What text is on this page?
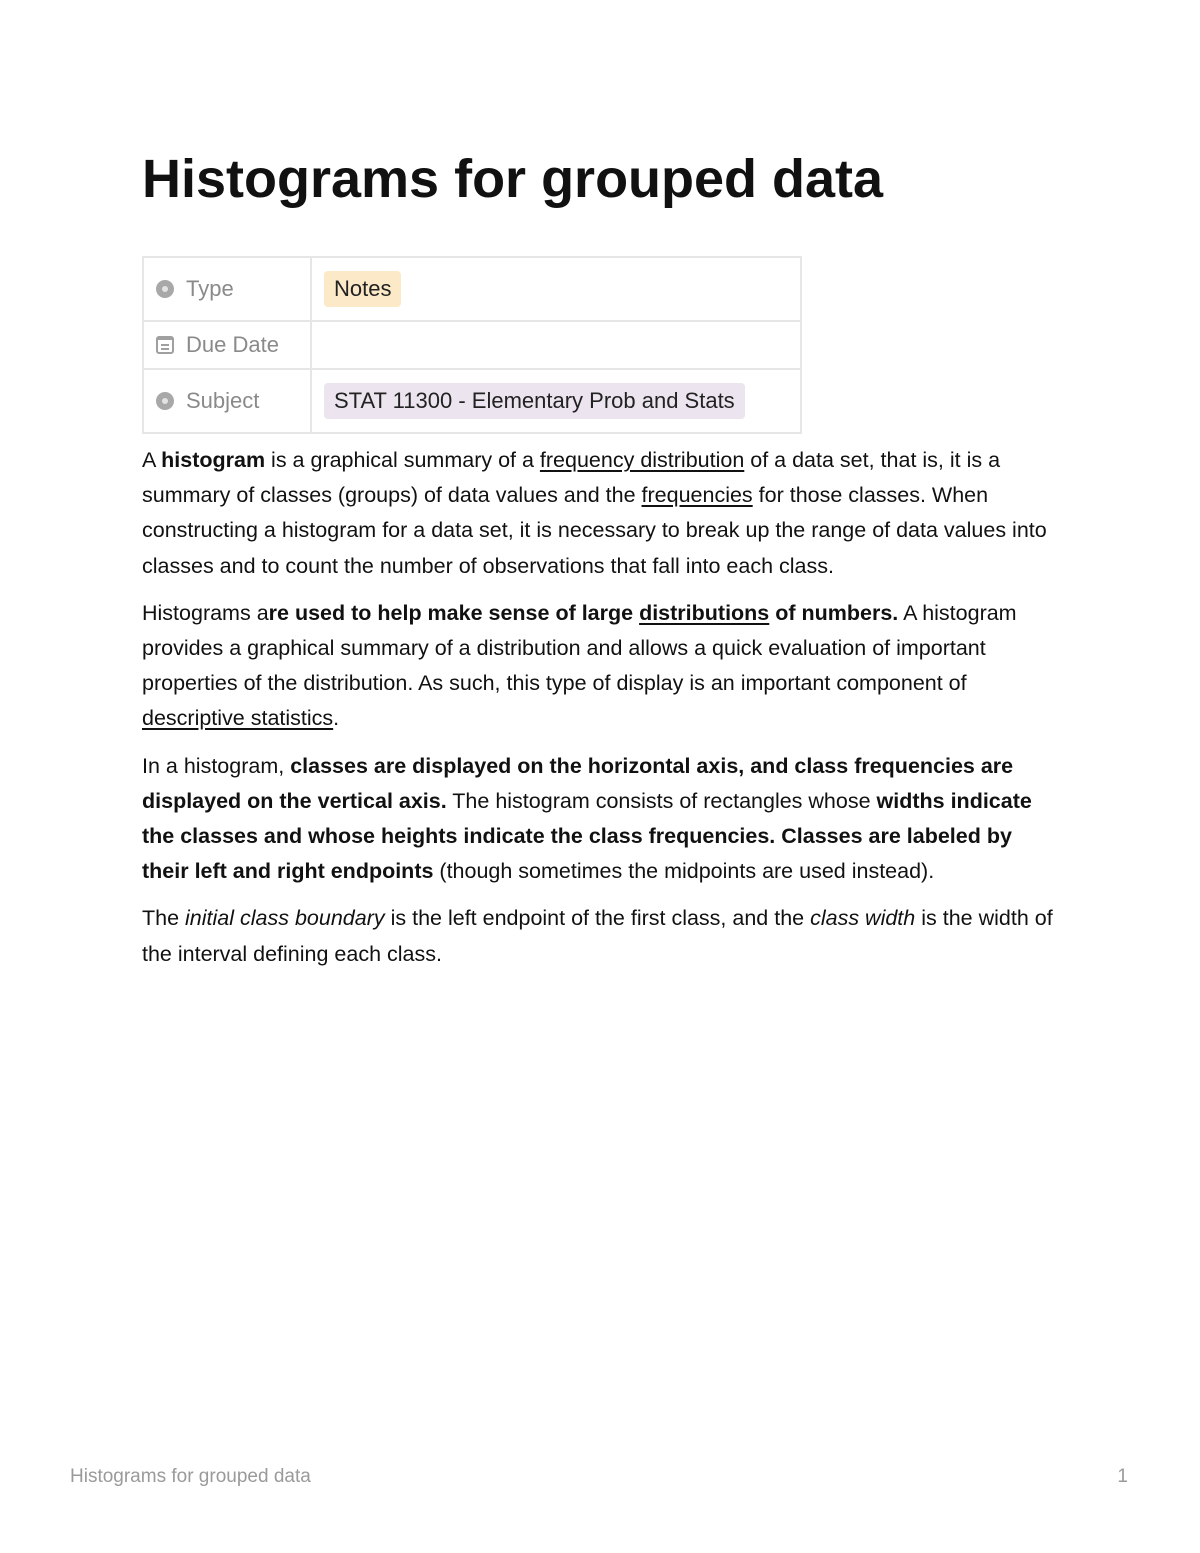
Histograms for grouped data
Type	Notes

Due Date	

Subject	STAT 11300 - Elementary Prob and Stats

A histogram is a graphical summary of a frequency distribution of a data set, that is, it is a summary of classes (groups) of data values and the frequencies for those classes. When constructing a histogram for a data set, it is necessary to break up the range of data values into classes and to count the number of observations that fall into each class.

Histograms are used to help make sense of large distributions of numbers. A histogram provides a graphical summary of a distribution and allows a quick evaluation of important properties of the distribution. As such, this type of display is an important component of descriptive statistics.

In a histogram, classes are displayed on the horizontal axis, and class frequencies are displayed on the vertical axis. The histogram consists of rectangles whose widths indicate the classes and whose heights indicate the class frequencies. Classes are labeled by their left and right endpoints (though sometimes the midpoints are used instead).

The initial class boundary is the left endpoint of the first class, and the class width is the width of the interval defining each class.

Histograms for grouped data	1
